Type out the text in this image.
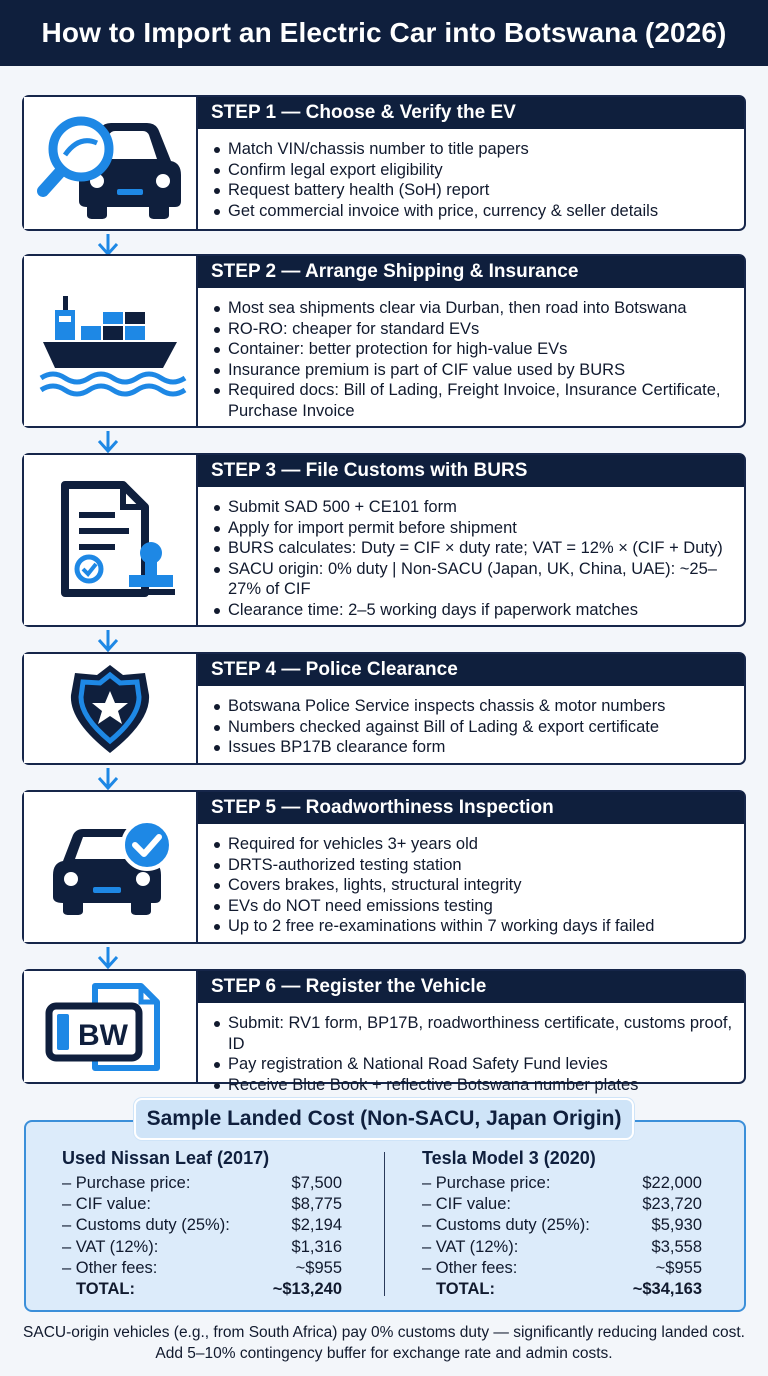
How to Import an Electric Car into Botswana (2026)
STEP 1 — Choose & Verify the EV
Match VIN/chassis number to title papers
Confirm legal export eligibility
Request battery health (SoH) report
Get commercial invoice with price, currency & seller details
STEP 2 — Arrange Shipping & Insurance
Most sea shipments clear via Durban, then road into Botswana
RO-RO: cheaper for standard EVs
Container: better protection for high-value EVs
Insurance premium is part of CIF value used by BURS
Required docs: Bill of Lading, Freight Invoice, Insurance Certificate, Purchase Invoice
STEP 3 — File Customs with BURS
Submit SAD 500 + CE101 form
Apply for import permit before shipment
BURS calculates: Duty = CIF × duty rate; VAT = 12% × (CIF + Duty)
SACU origin: 0% duty | Non-SACU (Japan, UK, China, UAE): ~25–27% of CIF
Clearance time: 2–5 working days if paperwork matches
STEP 4 — Police Clearance
Botswana Police Service inspects chassis & motor numbers
Numbers checked against Bill of Lading & export certificate
Issues BP17B clearance form
STEP 5 — Roadworthiness Inspection
Required for vehicles 3+ years old
DRTS-authorized testing station
Covers brakes, lights, structural integrity
EVs do NOT need emissions testing
Up to 2 free re-examinations within 7 working days if failed
BW
STEP 6 — Register the Vehicle
Submit: RV1 form, BP17B, roadworthiness certificate, customs proof, ID
Pay registration & National Road Safety Fund levies
Receive Blue Book + reflective Botswana number plates
Sample Landed Cost (Non-SACU, Japan Origin)
Used Nissan Leaf (2017)
– Purchase price:	$7,500
– CIF value:	$8,775
– Customs duty (25%):	$2,194
– VAT (12%):	$1,316
– Other fees:	~$955
TOTAL:	~$13,240
Tesla Model 3 (2020)
– Purchase price:	$22,000
– CIF value:	$23,720
– Customs duty (25%):	$5,930
– VAT (12%):	$3,558
– Other fees:	~$955
TOTAL:	~$34,163

SACU-origin vehicles (e.g., from South Africa) pay 0% customs duty — significantly reducing landed cost. Add 5–10% contingency buffer for exchange rate and admin costs.
